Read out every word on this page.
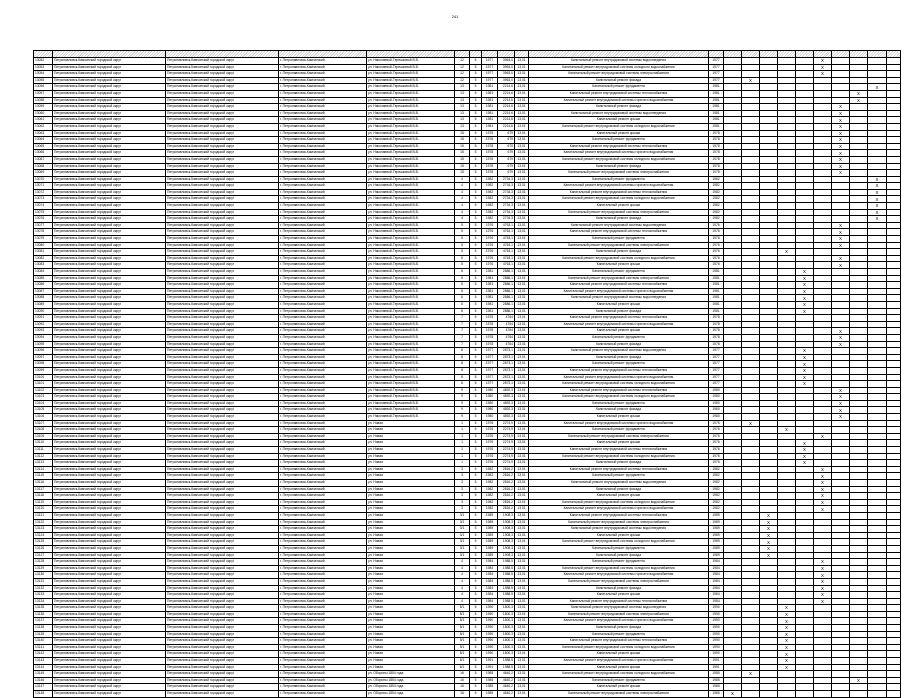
241

13052	Петропавловск-Камчатский городской округ	Петропавловск-Камчатский городской округ	г. Петропавловск-Камчатский	ул. Николаевой-Терешковой В.В.	12	5	1977	3963,0	13,01	Капитальный ремонт внутридомовой системы водоотведения	1977						X				
13053	Петропавловск-Камчатский городской округ	Петропавловск-Камчатский городской округ	г. Петропавловск-Камчатский	ул. Николаевой-Терешковой В.В.	12	5	1977	3963,0	13,01	Капитальный ремонт внутридомовой системы холодного водоснабжения	1977						X				
13054	Петропавловск-Камчатский городской округ	Петропавловск-Камчатский городской округ	г. Петропавловск-Камчатский	ул. Николаевой-Терешковой В.В.	12	5	1977	3963,0	13,01	Капитальный ремонт внутридомовой системы электроснабжения	1977						X				
13055	Петропавловск-Камчатский городской округ	Петропавловск-Камчатский городской округ	г. Петропавловск-Камчатский	ул. Николаевой-Терешковой В.В.	12	5	1977	3963,0	13,01	Капитальный ремонт фасада	1977		X								
13056	Петропавловск-Камчатский городской округ	Петропавловск-Камчатский городской округ	г. Петропавловск-Камчатский	ул. Николаевой-Терешковой В.В.	13	5	1981	2214,6	13,01	Капитальный ремонт фундамента	1981									X	
13057	Петропавловск-Камчатский городской округ	Петропавловск-Камчатский городской округ	г. Петропавловск-Камчатский	ул. Николаевой-Терешковой В.В.	13	5	1981	2214,6	13,01	Капитальный ремонт внутридомовой системы теплоснабжения	1981								X		
13058	Петропавловск-Камчатский городской округ	Петропавловск-Камчатский городской округ	г. Петропавловск-Камчатский	ул. Николаевой-Терешковой В.В.	13	5	1981	2214,6	13,01	Капитальный ремонт внутридомовой системы горячего водоснабжения	1981								X		
13059	Петропавловск-Камчатский городской округ	Петропавловск-Камчатский городской округ	г. Петропавловск-Камчатский	ул. Николаевой-Терешковой В.В.	13	5	1981	2214,6	13,01	Капитальный ремонт фасада	1981							X			
13060	Петропавловск-Камчатский городской округ	Петропавловск-Камчатский городской округ	г. Петропавловск-Камчатский	ул. Николаевой-Терешковой В.В.	13	5	1981	2214,6	13,01	Капитальный ремонт внутридомовой системы водоотведения	1981							X			
13061	Петропавловск-Камчатский городской округ	Петропавловск-Камчатский городской округ	г. Петропавловск-Камчатский	ул. Николаевой-Терешковой В.В.	13	5	1981	2214,6	13,01	Капитальный ремонт крыши	1981							X			
13062	Петропавловск-Камчатский городской округ	Петропавловск-Камчатский городской округ	г. Петропавловск-Камчатский	ул. Николаевой-Терешковой В.В.	13	5	1981	2214,6	13,01	Капитальный ремонт внутридомовой системы холодного водоснабжения	1981							X			
13063	Петропавловск-Камчатский городской округ	Петропавловск-Камчатский городской округ	г. Петропавловск-Камчатский	ул. Николаевой-Терешковой В.В.	15	5	1978	679	13,01	Капитальный ремонт крыши	1978							X			
13064	Петропавловск-Камчатский городской округ	Петропавловск-Камчатский городской округ	г. Петропавловск-Камчатский	ул. Николаевой-Терешковой В.В.	15	5	1978	679	13,01	Капитальный ремонт фундамента	1978							X			
13065	Петропавловск-Камчатский городской округ	Петропавловск-Камчатский городской округ	г. Петропавловск-Камчатский	ул. Николаевой-Терешковой В.В.	15	5	1978	679	13,01	Капитальный ремонт внутридомовой системы теплоснабжения	1978							X			
13066	Петропавловск-Камчатский городской округ	Петропавловск-Камчатский городской округ	г. Петропавловск-Камчатский	ул. Николаевой-Терешковой В.В.	15	5	1978	679	13,01	Капитальный ремонт внутридомовой системы горячего водоснабжения	1978							X			
13067	Петропавловск-Камчатский городской округ	Петропавловск-Камчатский городской округ	г. Петропавловск-Камчатский	ул. Николаевой-Терешковой В.В.	15	5	1978	679	13,01	Капитальный ремонт внутридомовой системы холодного водоснабжения	1978							X			
13068	Петропавловск-Камчатский городской округ	Петропавловск-Камчатский городской округ	г. Петропавловск-Камчатский	ул. Николаевой-Терешковой В.В.	15	5	1978	679	13,01	Капитальный ремонт фасада	1978							X			
13069	Петропавловск-Камчатский городской округ	Петропавловск-Камчатский городской округ	г. Петропавловск-Камчатский	ул. Николаевой-Терешковой В.В.	15	5	1978	679	13,01	Капитальный ремонт внутридомовой системы электроснабжения	1978							X			
13070	Петропавловск-Камчатский городской округ	Петропавловск-Камчатский городской округ	г. Петропавловск-Камчатский	ул. Николаевой-Терешковой В.В.	4	5	1982	2734,3	13,01	Капитальный ремонт фундамента	1982									X	
13071	Петропавловск-Камчатский городской округ	Петропавловск-Камчатский городской округ	г. Петропавловск-Камчатский	ул. Николаевой-Терешковой В.В.	4	5	1982	2734,3	13,01	Капитальный ремонт внутридомовой системы горячего водоснабжения	1982									X	
13072	Петропавловск-Камчатский городской округ	Петропавловск-Камчатский городской округ	г. Петропавловск-Камчатский	ул. Николаевой-Терешковой В.В.	4	5	1982	2734,3	13,01	Капитальный ремонт внутридомовой системы теплоснабжения	1982									X	
13073	Петропавловск-Камчатский городской округ	Петропавловск-Камчатский городской округ	г. Петропавловск-Камчатский	ул. Николаевой-Терешковой В.В.	4	5	1982	2734,3	13,01	Капитальный ремонт внутридомовой системы холодного водоснабжения	1982									X	
13074	Петропавловск-Камчатский городской округ	Петропавловск-Камчатский городской округ	г. Петропавловск-Камчатский	ул. Николаевой-Терешковой В.В.	4	5	1982	2734,3	13,01	Капитальный ремонт крыши	1982									X	
13075	Петропавловск-Камчатский городской округ	Петропавловск-Камчатский городской округ	г. Петропавловск-Камчатский	ул. Николаевой-Терешковой В.В.	4	5	1982	2734,3	13,01	Капитальный ремонт внутридомовой системы электроснабжения	1982									X	
13076	Петропавловск-Камчатский городской округ	Петропавловск-Камчатский городской округ	г. Петропавловск-Камчатский	ул. Николаевой-Терешковой В.В.	4	5	1982	2734,3	13,01	Капитальный ремонт фасада	1982									X	
13077	Петропавловск-Камчатский городской округ	Петропавловск-Камчатский городской округ	г. Петропавловск-Камчатский	ул. Николаевой-Терешковой В.В.	5	5	1976	4763,1	13,01	Капитальный ремонт внутридомовой системы водоотведения	1976							X			
13078	Петропавловск-Камчатский городской округ	Петропавловск-Камчатский городской округ	г. Петропавловск-Камчатский	ул. Николаевой-Терешковой В.В.	5	5	1976	4763,1	13,01	Капитальный ремонт внутридомовой системы теплоснабжения	1976							X			
13079	Петропавловск-Камчатский городской округ	Петропавловск-Камчатский городской округ	г. Петропавловск-Камчатский	ул. Николаевой-Терешковой В.В.	5	5	1976	4763,1	13,01	Капитальный ремонт фундамента	1976							X			
13080	Петропавловск-Камчатский городской округ	Петропавловск-Камчатский городской округ	г. Петропавловск-Камчатский	ул. Николаевой-Терешковой В.В.	5	5	1976	4763,1	13,01	Капитальный ремонт внутридомовой системы электроснабжения	1976							X			
13081	Петропавловск-Камчатский городской округ	Петропавловск-Камчатский городской округ	г. Петропавловск-Камчатский	ул. Николаевой-Терешковой В.В.	5	5	1976	4763,1	13,01	Капитальный ремонт фасада	1976				X						
13082	Петропавловск-Камчатский городской округ	Петропавловск-Камчатский городской округ	г. Петропавловск-Камчатский	ул. Николаевой-Терешковой В.В.	5	5	1976	4763,1	13,01	Капитальный ремонт внутридомовой системы холодного водоснабжения	1976							X			
13083	Петропавловск-Камчатский городской округ	Петропавловск-Камчатский городской округ	г. Петропавловск-Камчатский	ул. Николаевой-Терешковой В.В.	5	5	1976	4763,1	13,01	Капитальный ремонт крыши	1976							X			
13084	Петропавловск-Камчатский городской округ	Петропавловск-Камчатский городской округ	г. Петропавловск-Камчатский	ул. Николаевой-Терешковой В.В.	6	5	1981	2886,1	13,01	Капитальный ремонт фундамента	1981					X					
13085	Петропавловск-Камчатский городской округ	Петропавловск-Камчатский городской округ	г. Петропавловск-Камчатский	ул. Николаевой-Терешковой В.В.	6	5	1981	2886,1	13,01	Капитальный ремонт внутридомовой системы электроснабжения	1981					X					
13086	Петропавловск-Камчатский городской округ	Петропавловск-Камчатский городской округ	г. Петропавловск-Камчатский	ул. Николаевой-Терешковой В.В.	6	5	1981	2886,1	13,01	Капитальный ремонт внутридомовой системы теплоснабжения	1981					X					
13087	Петропавловск-Камчатский городской округ	Петропавловск-Камчатский городской округ	г. Петропавловск-Камчатский	ул. Николаевой-Терешковой В.В.	6	5	1981	2886,1	13,01	Капитальный ремонт внутридомовой системы горячего водоснабжения	1981					X					
13088	Петропавловск-Камчатский городской округ	Петропавловск-Камчатский городской округ	г. Петропавловск-Камчатский	ул. Николаевой-Терешковой В.В.	6	5	1981	2886,1	13,01	Капитальный ремонт внутридомовой системы водоотведения	1981					X					
13089	Петропавловск-Камчатский городской округ	Петропавловск-Камчатский городской округ	г. Петропавловск-Камчатский	ул. Николаевой-Терешковой В.В.	6	5	1981	2886,1	13,01	Капитальный ремонт крыши	1981					X					
13090	Петропавловск-Камчатский городской округ	Петропавловск-Камчатский городской округ	г. Петропавловск-Камчатский	ул. Николаевой-Терешковой В.В.	6	5	1981	2886,1	13,01	Капитальный ремонт фасада	1981					X					
13091	Петропавловск-Камчатский городской округ	Петропавловск-Камчатский городской округ	г. Петропавловск-Камчатский	ул. Николаевой-Терешковой В.В.	7	5	1978	4764	13,01	Капитальный ремонт внутридомовой системы теплоснабжения	1978										
13092	Петропавловск-Камчатский городской округ	Петропавловск-Камчатский городской округ	г. Петропавловск-Камчатский	ул. Николаевой-Терешковой В.В.	7	5	1978	4764	13,01	Капитальный ремонт внутридомовой системы горячего водоснабжения	1978										
13093	Петропавловск-Камчатский городской округ	Петропавловск-Камчатский городской округ	г. Петропавловск-Камчатский	ул. Николаевой-Терешковой В.В.	7	5	1978	4764	13,01	Капитальный ремонт крыши	1978							X			
13094	Петропавловск-Камчатский городской округ	Петропавловск-Камчатский городской округ	г. Петропавловск-Камчатский	ул. Николаевой-Терешковой В.В.	7	5	1978	4764	13,01	Капитальный ремонт фундамента	1978							X			
13095	Петропавловск-Камчатский городской округ	Петропавловск-Камчатский городской округ	г. Петропавловск-Камчатский	ул. Николаевой-Терешковой В.В.	7	5	1978	4764	13,01	Капитальный ремонт фасада	1978							X			
13096	Петропавловск-Камчатский городской округ	Петропавловск-Камчатский городской округ	г. Петропавловск-Камчатский	ул. Николаевой-Терешковой В.В.	8	5	1977	2873,1	13,01	Капитальный ремонт внутридомовой системы водоотведения	1977					X					
13097	Петропавловск-Камчатский городской округ	Петропавловск-Камчатский городской округ	г. Петропавловск-Камчатский	ул. Николаевой-Терешковой В.В.	8	5	1977	2873,1	13,01	Капитальный ремонт фасада	1977					X					
13098	Петропавловск-Камчатский городской округ	Петропавловск-Камчатский городской округ	г. Петропавловск-Камчатский	ул. Николаевой-Терешковой В.В.	8	5	1977	2873,1	13,01	Капитальный ремонт фундамента	1977					X					
13099	Петропавловск-Камчатский городской округ	Петропавловск-Камчатский городской округ	г. Петропавловск-Камчатский	ул. Николаевой-Терешковой В.В.	8	5	1977	2873,1	13,01	Капитальный ремонт внутридомовой системы теплоснабжения	1977					X					
13100	Петропавловск-Камчатский городской округ	Петропавловск-Камчатский городской округ	г. Петропавловск-Камчатский	ул. Николаевой-Терешковой В.В.	8	5	1977	2873,1	13,01	Капитальный ремонт внутридомовой системы горячего водоснабжения	1977					X					
13101	Петропавловск-Камчатский городской округ	Петропавловск-Камчатский городской округ	г. Петропавловск-Камчатский	ул. Николаевой-Терешковой В.В.	8	5	1977	2873,1	13,01	Капитальный ремонт внутридомовой системы холодного водоснабжения	1977					X					
13102	Петропавловск-Камчатский городской округ	Петропавловск-Камчатский городской округ	г. Петропавловск-Камчатский	ул. Николаевой-Терешковой В.В.	9	5	1980	4892,3	13,01	Капитальный ремонт внутридомовой системы теплоснабжения	1980							X			
13103	Петропавловск-Камчатский городской округ	Петропавловск-Камчатский городской округ	г. Петропавловск-Камчатский	ул. Николаевой-Терешковой В.В.	9	5	1980	4892,3	13,01	Капитальный ремонт внутридомовой системы холодного водоснабжения	1980							X			
13104	Петропавловск-Камчатский городской округ	Петропавловск-Камчатский городской округ	г. Петропавловск-Камчатский	ул. Николаевой-Терешковой В.В.	9	5	1980	4892,3	13,01	Капитальный ремонт фундамента	1980							X			
13105	Петропавловск-Камчатский городской округ	Петропавловск-Камчатский городской округ	г. Петропавловск-Камчатский	ул. Николаевой-Терешковой В.В.	9	5	1980	4892,3	13,01	Капитальный ремонт фасада	1980							X			
13106	Петропавловск-Камчатский городской округ	Петропавловск-Камчатский городской округ	г. Петропавловск-Камчатский	ул. Николаевой-Терешковой В.В.	9	5	1980	4892,3	13,01	Капитальный ремонт крыши	1980							X			
13107	Петропавловск-Камчатский городской округ	Петропавловск-Камчатский городской округ	г. Петропавловск-Камчатский	ул. Новая	1	5	1976	2274,9	13,01	Капитальный ремонт внутридомовой системы горячего водоснабжения	1976		X								
13108	Петропавловск-Камчатский городской округ	Петропавловск-Камчатский городской округ	г. Петропавловск-Камчатский	ул. Новая	1	5	1976	2274,9	13,01	Капитальный ремонт фундамента	1976				X						
13109	Петропавловск-Камчатский городской округ	Петропавловск-Камчатский городской округ	г. Петропавловск-Камчатский	ул. Новая	1	5	1976	2274,9	13,01	Капитальный ремонт внутридомовой системы электроснабжения	1976						X				
13110	Петропавловск-Камчатский городской округ	Петропавловск-Камчатский городской округ	г. Петропавловск-Камчатский	ул. Новая	1	5	1976	2274,9	13,01	Капитальный ремонт крыши	1976					X					
13111	Петропавловск-Камчатский городской округ	Петропавловск-Камчатский городской округ	г. Петропавловск-Камчатский	ул. Новая	1	5	1976	2274,9	13,01	Капитальный ремонт внутридомовой системы теплоснабжения	1976					X					
13112	Петропавловск-Камчатский городской округ	Петропавловск-Камчатский городской округ	г. Петропавловск-Камчатский	ул. Новая	1	5	1976	2274,9	13,01	Капитальный ремонт внутридомовой системы холодного водоснабжения	1976					X					
13113	Петропавловск-Камчатский городской округ	Петропавловск-Камчатский городской округ	г. Петропавловск-Камчатский	ул. Новая	1	5	1976	2274,9	13,01	Капитальный ремонт фасада	1976					X					
13114	Петропавловск-Камчатский городской округ	Петропавловск-Камчатский городской округ	г. Петропавловск-Камчатский	ул. Новая	3	5	1982	2816,2	13,01	Капитальный ремонт внутридомовой системы теплоснабжения	1982						X				
13115	Петропавловск-Камчатский городской округ	Петропавловск-Камчатский городской округ	г. Петропавловск-Камчатский	ул. Новая	3	5	1982	2816,2	13,01	Капитальный ремонт фундамента	1982						X				
13116	Петропавловск-Камчатский городской округ	Петропавловск-Камчатский городской округ	г. Петропавловск-Камчатский	ул. Новая	3	5	1982	2816,2	13,01	Капитальный ремонт внутридомовой системы водоотведения	1982						X				
13117	Петропавловск-Камчатский городской округ	Петропавловск-Камчатский городской округ	г. Петропавловск-Камчатский	ул. Новая	3	5	1982	2816,2	13,01	Капитальный ремонт фасада	1982						X				
13118	Петропавловск-Камчатский городской округ	Петропавловск-Камчатский городской округ	г. Петропавловск-Камчатский	ул. Новая	3	5	1982	2816,2	13,01	Капитальный ремонт крыши	1982						X				
13119	Петропавловск-Камчатский городской округ	Петропавловск-Камчатский городской округ	г. Петропавловск-Камчатский	ул. Новая	3	5	1982	2816,2	13,01	Капитальный ремонт внутридомовой системы холодного водоснабжения	1982						X				
13120	Петропавловск-Камчатский городской округ	Петропавловск-Камчатский городской округ	г. Петропавловск-Камчатский	ул. Новая	3	5	1982	2816,2	13,01	Капитальный ремонт внутридомовой системы горячего водоснабжения	1982						X				
13121	Петропавловск-Камчатский городской округ	Петропавловск-Камчатский городской округ	г. Петропавловск-Камчатский	ул. Новая	3/1	5	1989	1908,3	13,01	Капитальный ремонт внутридомовой системы теплоснабжения	1989			X							
13122	Петропавловск-Камчатский городской округ	Петропавловск-Камчатский городской округ	г. Петропавловск-Камчатский	ул. Новая	3/1	5	1989	1908,3	13,01	Капитальный ремонт внутридомовой системы электроснабжения	1989			X							
13123	Петропавловск-Камчатский городской округ	Петропавловск-Камчатский городской округ	г. Петропавловск-Камчатский	ул. Новая	3/1	5	1989	1908,3	13,01	Капитальный ремонт внутридомовой системы водоотведения	1989			X							
13124	Петропавловск-Камчатский городской округ	Петропавловск-Камчатский городской округ	г. Петропавловск-Камчатский	ул. Новая	3/1	5	1989	1908,3	13,01	Капитальный ремонт крыши	1989			X							
13125	Петропавловск-Камчатский городской округ	Петропавловск-Камчатский городской округ	г. Петропавловск-Камчатский	ул. Новая	3/1	5	1989	1908,3	13,01	Капитальный ремонт внутридомовой системы холодного водоснабжения	1989			X							
13126	Петропавловск-Камчатский городской округ	Петропавловск-Камчатский городской округ	г. Петропавловск-Камчатский	ул. Новая	3/1	5	1989	1908,3	13,01	Капитальный ремонт фундамента	1989			X							
13127	Петропавловск-Камчатский городской округ	Петропавловск-Камчатский городской округ	г. Петропавловск-Камчатский	ул. Новая	3/1	5	1989	1908,3	13,01	Капитальный ремонт фасада	1989			X							
13128	Петропавловск-Камчатский городской округ	Петропавловск-Камчатский городской округ	г. Петропавловск-Камчатский	ул. Новая	4	5	1984	1988,5	13,01	Капитальный ремонт фундамента	1984						X				
13129	Петропавловск-Камчатский городской округ	Петропавловск-Камчатский городской округ	г. Петропавловск-Камчатский	ул. Новая	4	5	1984	1988,5	13,01	Капитальный ремонт внутридомовой системы холодного водоснабжения	1984						X				
13130	Петропавловск-Камчатский городской округ	Петропавловск-Камчатский городской округ	г. Петропавловск-Камчатский	ул. Новая	4	5	1984	1988,5	13,01	Капитальный ремонт внутридомовой системы горячего водоснабжения	1984						X				
13131	Петропавловск-Камчатский городской округ	Петропавловск-Камчатский городской округ	г. Петропавловск-Камчатский	ул. Новая	4	5	1984	1988,5	13,01	Капитальный ремонт внутридомовой системы электроснабжения	1984						X				
13132	Петропавловск-Камчатский городской округ	Петропавловск-Камчатский городской округ	г. Петропавловск-Камчатский	ул. Новая	4	5	1984	1988,5	13,01	Капитальный ремонт фасада	1984						X				
13133	Петропавловск-Камчатский городской округ	Петропавловск-Камчатский городской округ	г. Петропавловск-Камчатский	ул. Новая	4	5	1984	1988,5	13,01	Капитальный ремонт крыши	1984						X				
13134	Петропавловск-Камчатский городской округ	Петропавловск-Камчатский городской округ	г. Петропавловск-Камчатский	ул. Новая	4	5	1984	1988,5	13,01	Капитальный ремонт внутридомовой системы теплоснабжения	1984						X				
13135	Петропавловск-Камчатский городской округ	Петропавловск-Камчатский городской округ	г. Петропавловск-Камчатский	ул. Новая	5/1	5	1990	1800,3	13,01	Капитальный ремонт внутридомовой системы водоотведения	1990				X						
13136	Петропавловск-Камчатский городской округ	Петропавловск-Камчатский городской округ	г. Петропавловск-Камчатский	ул. Новая	5/1	5	1990	1800,3	13,01	Капитальный ремонт внутридомовой системы электроснабжения	1990				X						
13137	Петропавловск-Камчатский городской округ	Петропавловск-Камчатский городской округ	г. Петропавловск-Камчатский	ул. Новая	5/1	5	1990	1800,3	13,01	Капитальный ремонт внутридомовой системы горячего водоснабжения	1990				X						
13138	Петропавловск-Камчатский городской округ	Петропавловск-Камчатский городской округ	г. Петропавловск-Камчатский	ул. Новая	5/1	5	1990	1800,3	13,01	Капитальный ремонт фасада	1990				X						
13139	Петропавловск-Камчатский городской округ	Петропавловск-Камчатский городской округ	г. Петропавловск-Камчатский	ул. Новая	5/1	5	1990	1800,3	13,01	Капитальный ремонт фундамента	1990				X						
13140	Петропавловск-Камчатский городской округ	Петропавловск-Камчатский городской округ	г. Петропавловск-Камчатский	ул. Новая	5/1	5	1990	1800,3	13,01	Капитальный ремонт внутридомовой системы теплоснабжения	1990				X						
13141	Петропавловск-Камчатский городской округ	Петропавловск-Камчатский городской округ	г. Петропавловск-Камчатский	ул. Новая	5/1	5	1990	1800,3	13,01	Капитальный ремонт внутридомовой системы холодного водоснабжения	1990				X						
13142	Петропавловск-Камчатский городской округ	Петропавловск-Камчатский городской округ	г. Петропавловск-Камчатский	ул. Новая	5/1	5	1990	1800,3	13,01	Капитальный ремонт крыши	1990				X						
13143	Петропавловск-Камчатский городской округ	Петропавловск-Камчатский городской округ	г. Петропавловск-Камчатский	ул. Новая	6/1	5	1991	1988,5	13,01	Капитальный ремонт внутридомовой системы горячего водоснабжения	1991				X						
13144	Петропавловск-Камчатский городской округ	Петропавловск-Камчатский городской округ	г. Петропавловск-Камчатский	ул. Новая	6/1	5	1991	1988,5	13,01	Капитальный ремонт крыши	1991				X						
13145	Петропавловск-Камчатский городской округ	Петропавловск-Камчатский городской округ	г. Петропавловск-Камчатский	ул. Обороны 1854 года	16	5	1985	4640,2	13,01	Капитальный ремонт внутридомовой системы холодного водоснабжения	1985		X								
13146	Петропавловск-Камчатский городской округ	Петропавловск-Камчатский городской округ	г. Петропавловск-Камчатский	ул. Обороны 1854 года	16	5	1985	4640,2	13,01	Капитальный ремонт фундамента	1985								X		
13147	Петропавловск-Камчатский городской округ	Петропавловск-Камчатский городской округ	г. Петропавловск-Камчатский	ул. Обороны 1854 года	16	5	1985	4640,2	13,01	Капитальный ремонт крыши	1985										
13148	Петропавловск-Камчатский городской округ	Петропавловск-Камчатский городской округ	г. Петропавловск-Камчатский	ул. Обороны 1854 года	16	5	1985	4640,2	13,01	Капитальный ремонт внутридомовой системы электроснабжения	1985	X									
